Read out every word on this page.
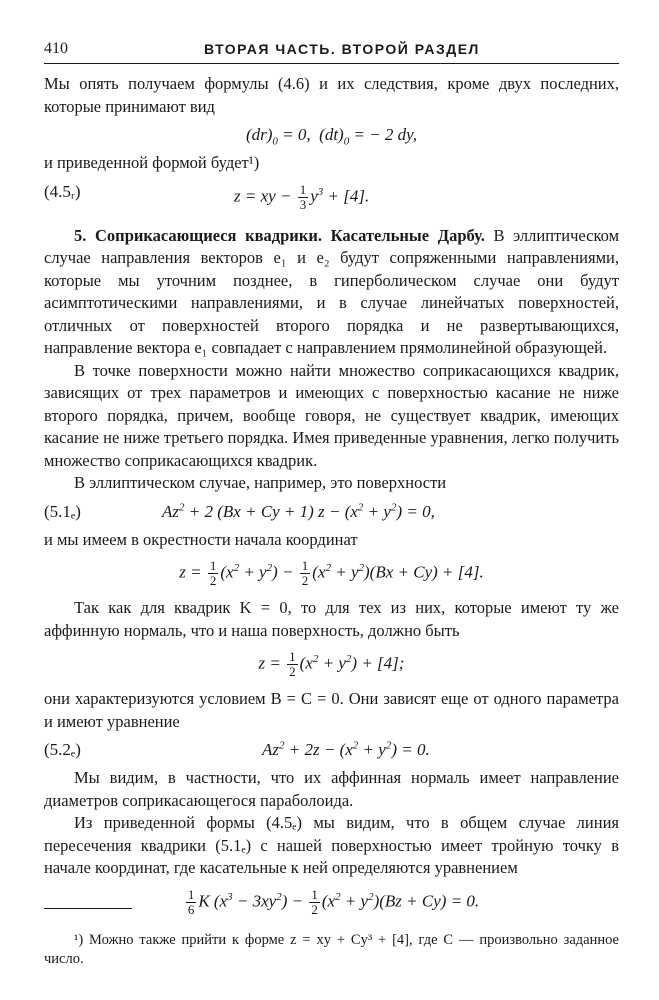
410	ВТОРАЯ ЧАСТЬ. ВТОРОЙ РАЗДЕЛ

Мы опять получаем формулы (4.6) и их следствия, кроме двух последних, которые принимают вид

$(dr)_0 = 0$,  $(dt)_0$ = − 2 dy,

и приведенной формой будет¹)

(4.5ᵣ)	z = xy − $\frac{1}{3} y^3 + [4]$.

5. Соприкасающиеся квадрики. Касательные Дарбу. В эллиптическом случае направления векторов e₁ и e₂ будут сопряженными направлениями, которые мы уточним позднее, в гиперболическом случае они будут асимптотическими направлениями, и в случае линейчатых поверхностей, отличных от поверхностей второго порядка и не развертывающихся, направление вектора e₁ совпадает с направлением прямолинейной образующей.

В точке поверхности можно найти множество соприкасающихся квадрик, зависящих от трех параметров и имеющих с поверхностью касание не ниже второго порядка, причем, вообще говоря, не существует квадрик, имеющих касание не ниже третьего порядка. Имея приведенные уравнения, легко получить множество соприкасающихся квадрик.

В эллиптическом случае, например, это поверхности

(5.1ₑ)	$Az^2 + 2$ (Bx + Cy + 1) $z - (x^2 + y^2) = 0$,

и мы имеем в окрестности начала координат

$z = \frac{1}{2} (x^2 + y^2) - \frac{1}{2} (x^2 + y^2)(Bx + Cy) + [4]$.

Так как для квадрик K = 0, то для тех из них, которые имеют ту же аффинную нормаль, что и наша поверхность, должно быть

$z = \frac{1}{2} (x^2 + y^2) + [4]$;

они характеризуются условием B = C = 0. Они зависят еще от одного параметра и имеют уравнение

(5.2ₑ)	$Az^2 + 2z - (x^2 + y^2) = 0$.

Мы видим, в частности, что их аффинная нормаль имеет направление диаметров соприкасающегося параболоида.

Из приведенной формы (4.5ₑ) мы видим, что в общем случае линия пересечения квадрики (5.1ₑ) с нашей поверхностью имеет тройную точку в начале координат, где касательные к ней определяются уравнением

$\frac{1}{6}$ K $(x^3 - 3xy^2) - \frac{1}{2} (x^2 + y^2)(Bz + Cy) = 0$.

¹) Можно также прийти к форме z = xy + Cy³ + [4], где C — произвольно заданное число.
